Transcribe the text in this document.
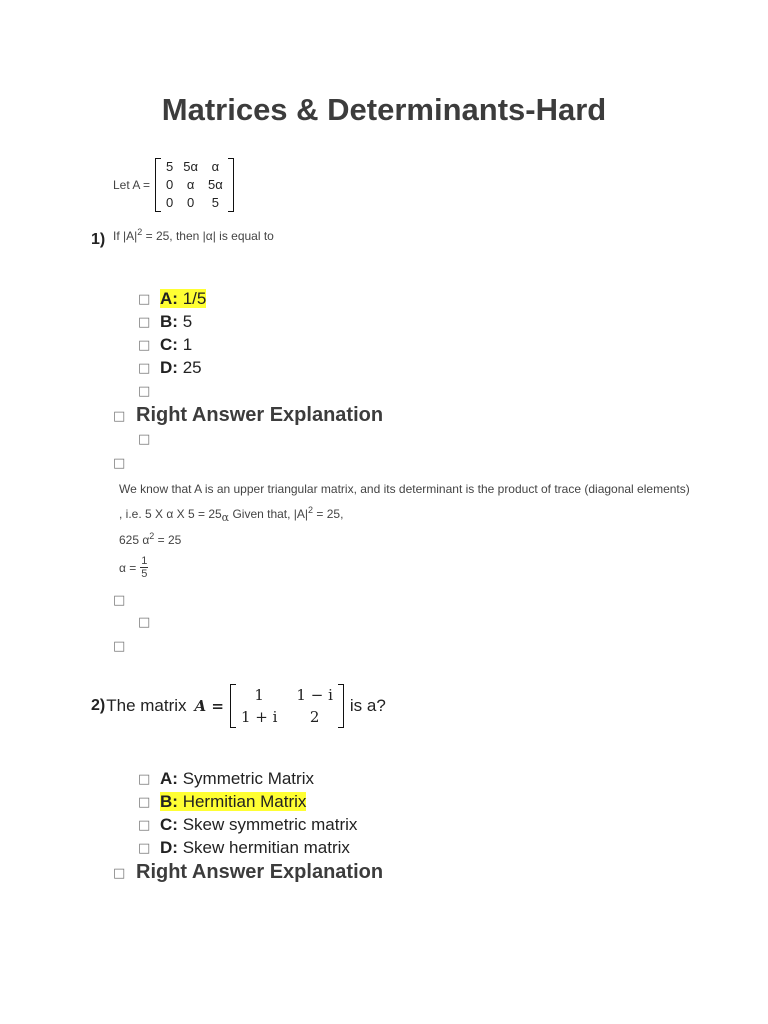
Matrices & Determinants-Hard
Let A =
5	5α	α
0	α	5α
0	0	5
1) If $|A|^2 = 25$, then |α| is equal to
□ A: 1/5
□ B: 5
□ C: 1
□ D: 25
□
□ Right Answer Explanation
□
□
We know that A is an upper triangular matrix, and its determinant is the product of trace (diagonal elements)
, i.e. 5 X α X 5 = 25α Given that, $|A|^2 = 25$,
625 $\alpha^2 = 25$
$\alpha = \frac{1}{5}$
□
□
□
2) The matrix A =
1	1 − i
1 + i	2
is a?
□ A: Symmetric Matrix
□ B: Hermitian Matrix
□ C: Skew symmetric matrix
□ D: Skew hermitian matrix
□ Right Answer Explanation
